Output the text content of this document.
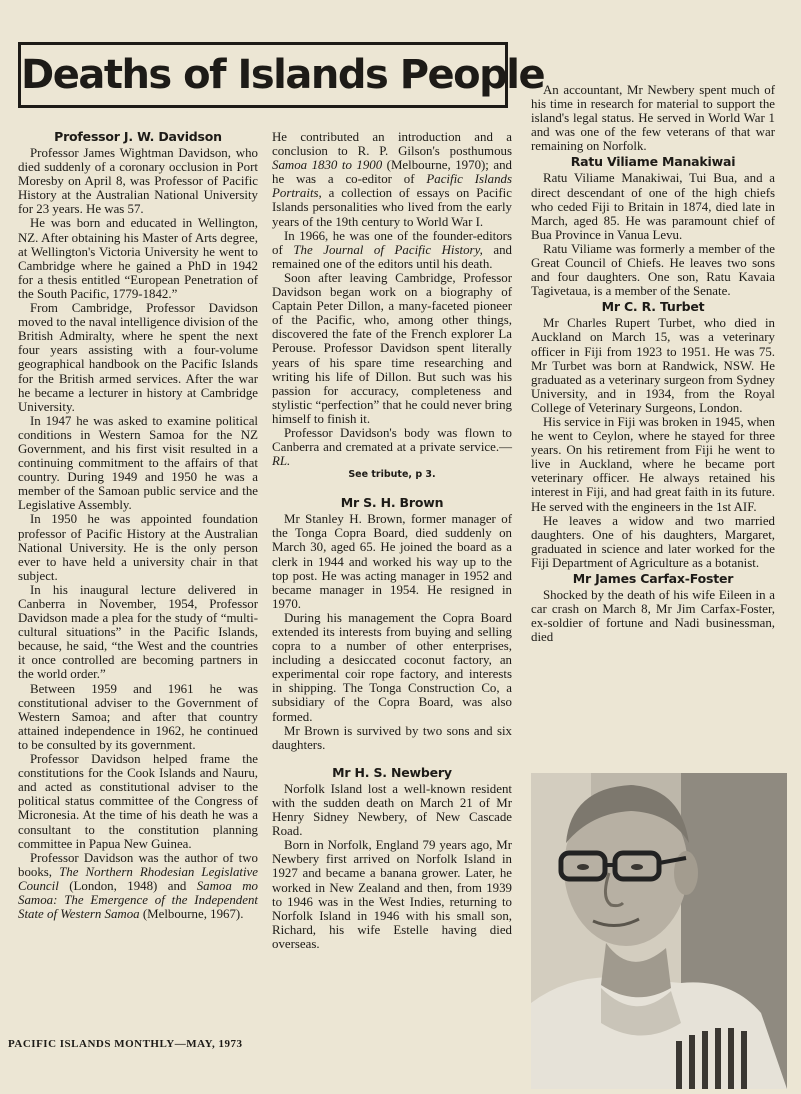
Deaths of Islands People
Professor J. W. Davidson

Professor James Wightman Davidson, who died suddenly of a coronary occlusion in Port Moresby on April 8, was Professor of Pacific History at the Australian National University for 23 years. He was 57.

He was born and educated in Wellington, NZ. After obtaining his Master of Arts degree, at Wellington's Victoria University he went to Cambridge where he gained a PhD in 1942 for a thesis entitled “European Penetration of the South Pacific, 1779-1842.”

From Cambridge, Professor Davidson moved to the naval intelligence division of the British Admiralty, where he spent the next four years assisting with a four-volume geographical handbook on the Pacific Islands for the British armed services. After the war he became a lecturer in history at Cambridge University.

In 1947 he was asked to examine political conditions in Western Samoa for the NZ Government, and his first visit resulted in a continuing commitment to the affairs of that country. During 1949 and 1950 he was a member of the Samoan public service and the Legislative Assembly.

In 1950 he was appointed foundation professor of Pacific History at the Australian National University. He is the only person ever to have held a university chair in that subject.

In his inaugural lecture delivered in Canberra in November, 1954, Professor Davidson made a plea for the study of “multi-cultural situations” in the Pacific Islands, because, he said, “the West and the countries it once controlled are becoming partners in the world order.”

Between 1959 and 1961 he was constitutional adviser to the Government of Western Samoa; and after that country attained independence in 1962, he continued to be consulted by its government.

Professor Davidson helped frame the constitutions for the Cook Islands and Nauru, and acted as constitutional adviser to the political status committee of the Congress of Micronesia. At the time of his death he was a consultant to the constitution planning committee in Papua New Guinea.

Professor Davidson was the author of two books, The Northern Rhodesian Legislative Council (London, 1948) and Samoa mo Samoa: The Emergence of the Independent State of Western Samoa (Melbourne, 1967).

He contributed an introduction and a conclusion to R. P. Gilson's posthumous Samoa 1830 to 1900 (Melbourne, 1970); and he was a co-editor of Pacific Islands Portraits, a collection of essays on Pacific Islands personalities who lived from the early years of the 19th century to World War I.

In 1966, he was one of the founder-editors of The Journal of Pacific History, and remained one of the editors until his death.

Soon after leaving Cambridge, Professor Davidson began work on a biography of Captain Peter Dillon, a many-faceted pioneer of the Pacific, who, among other things, discovered the fate of the French explorer La Perouse. Professor Davidson spent literally years of his spare time researching and writing his life of Dillon. But such was his passion for accuracy, completeness and stylistic “perfection” that he could never bring himself to finish it.

Professor Davidson's body was flown to Canberra and cremated at a private service.—RL.

See tribute, p 3.
Mr S. H. Brown

Mr Stanley H. Brown, former manager of the Tonga Copra Board, died suddenly on March 30, aged 65. He joined the board as a clerk in 1944 and worked his way up to the top post. He was acting manager in 1952 and became manager in 1954. He resigned in 1970.

During his management the Copra Board extended its interests from buying and selling copra to a number of other enterprises, including a desiccated coconut factory, an experimental coir rope factory, and interests in shipping. The Tonga Construction Co, a subsidiary of the Copra Board, was also formed.

Mr Brown is survived by two sons and six daughters.

Mr H. S. Newbery

Norfolk Island lost a well-known resident with the sudden death on March 21 of Mr Henry Sidney Newbery, of New Cascade Road.

Born in Norfolk, England 79 years ago, Mr Newbery first arrived on Norfolk Island in 1927 and became a banana grower. Later, he worked in New Zealand and then, from 1939 to 1946 was in the West Indies, returning to Norfolk Island in 1946 with his small son, Richard, his wife Estelle having died overseas.

An accountant, Mr Newbery spent much of his time in research for material to support the island's legal status. He served in World War 1 and was one of the few veterans of that war remaining on Norfolk.

Ratu Viliame Manakiwai

Ratu Viliame Manakiwai, Tui Bua, and a direct descendant of one of the high chiefs who ceded Fiji to Britain in 1874, died late in March, aged 85. He was paramount chief of Bua Province in Vanua Levu.

Ratu Viliame was formerly a member of the Great Council of Chiefs. He leaves two sons and four daughters. One son, Ratu Kavaia Tagivetaua, is a member of the Senate.

Mr C. R. Turbet

Mr Charles Rupert Turbet, who died in Auckland on March 15, was a veterinary officer in Fiji from 1923 to 1951. He was 75. Mr Turbet was born at Randwick, NSW. He graduated as a veterinary surgeon from Sydney University, and in 1934, from the Royal College of Veterinary Surgeons, London.

His service in Fiji was broken in 1945, when he went to Ceylon, where he stayed for three years. On his retirement from Fiji he went to live in Auckland, where he became port veterinary officer. He always retained his interest in Fiji, and had great faith in its future. He served with the engineers in the 1st AIF.

He leaves a widow and two married daughters. One of his daughters, Margaret, graduated in science and later worked for the Fiji Department of Agriculture as a botanist.

Mr James Carfax-Foster

Shocked by the death of his wife Eileen in a car crash on March 8, Mr Jim Carfax-Foster, ex-soldier of fortune and Nadi businessman, died

PACIFIC ISLANDS MONTHLY—MAY, 1973
